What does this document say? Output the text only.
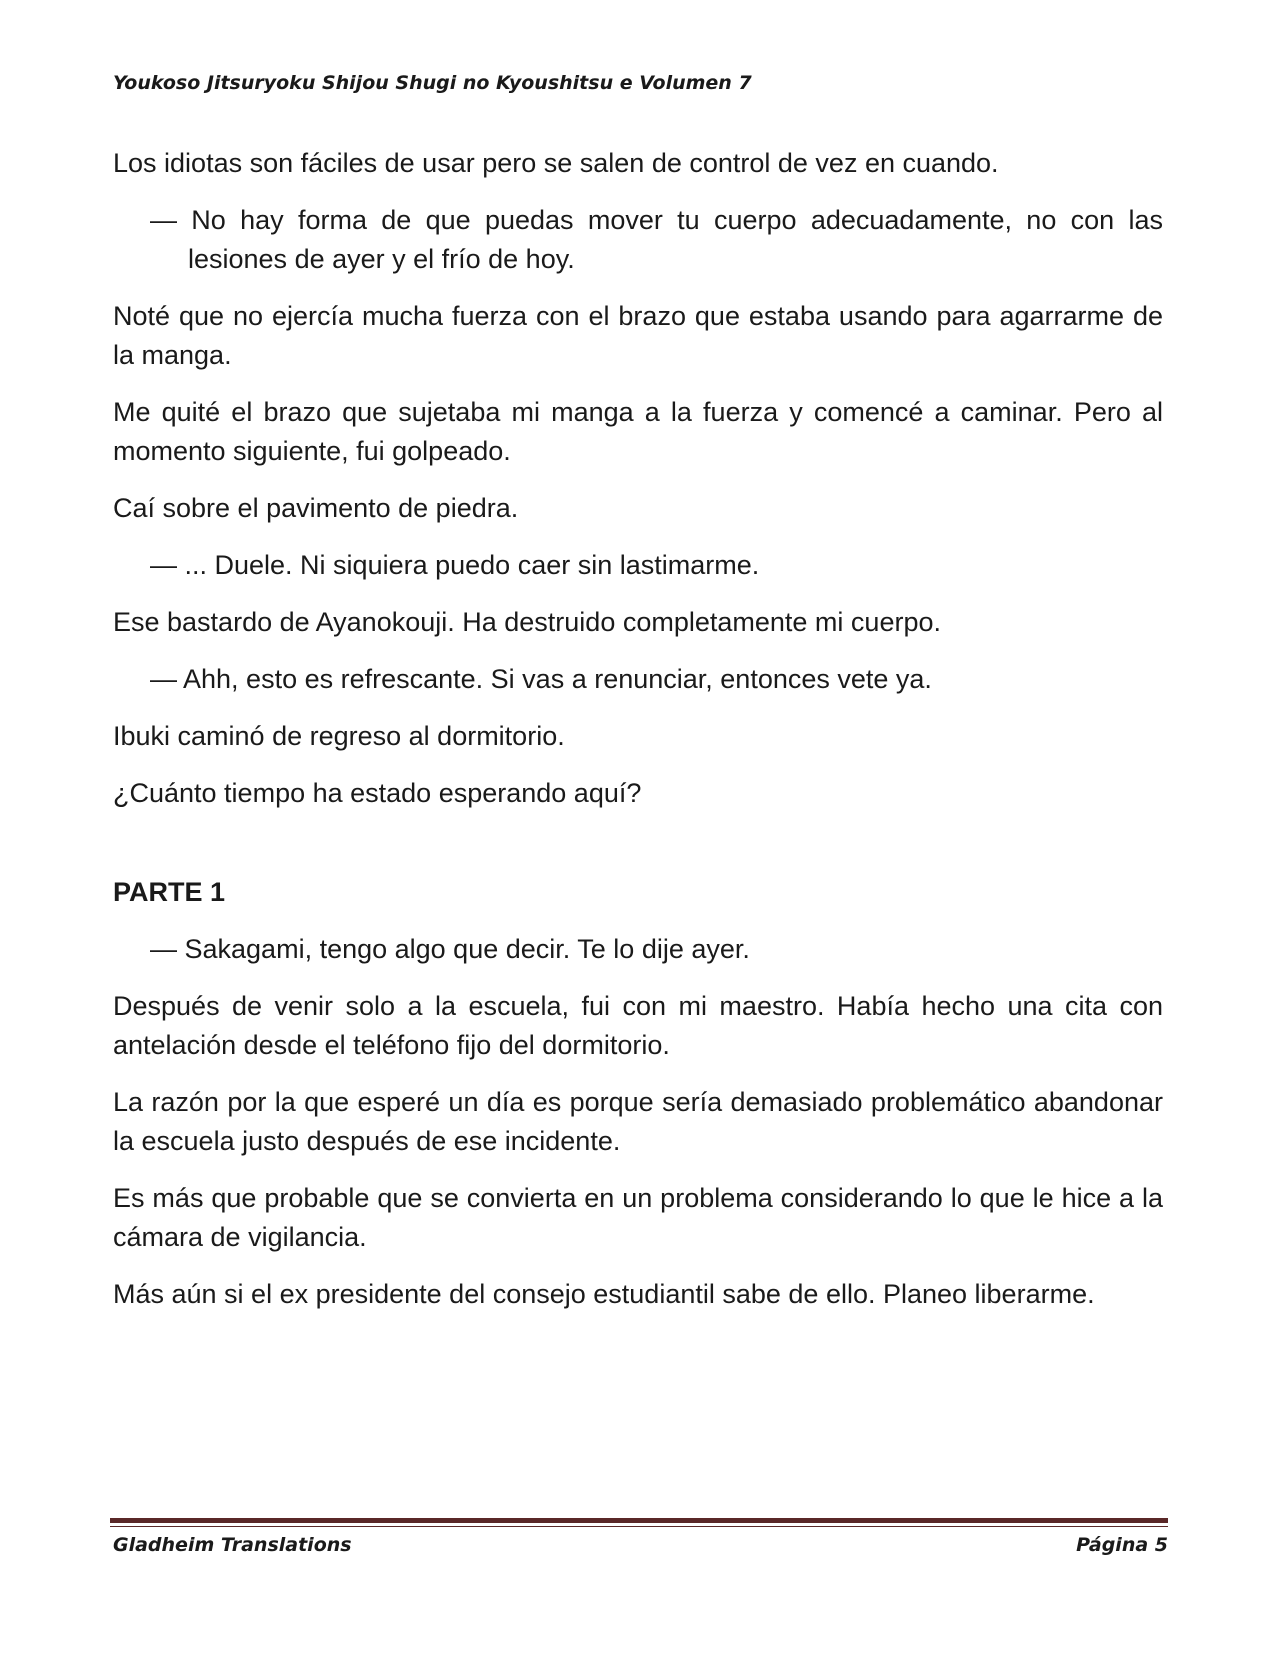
Youkoso Jitsuryoku Shijou Shugi no Kyoushitsu e Volumen 7

Los idiotas son fáciles de usar pero se salen de control de vez en cuando.

— No hay forma de que puedas mover tu cuerpo adecuadamente, no con las lesiones de ayer y el frío de hoy.

Noté que no ejercía mucha fuerza con el brazo que estaba usando para agarrarme de la manga.

Me quité el brazo que sujetaba mi manga a la fuerza y comencé a caminar. Pero al momento siguiente, fui golpeado.

Caí sobre el pavimento de piedra.

— ... Duele. Ni siquiera puedo caer sin lastimarme.

Ese bastardo de Ayanokouji. Ha destruido completamente mi cuerpo.

— Ahh, esto es refrescante. Si vas a renunciar, entonces vete ya.

Ibuki caminó de regreso al dormitorio.

¿Cuánto tiempo ha estado esperando aquí?

PARTE 1

— Sakagami, tengo algo que decir. Te lo dije ayer.

Después de venir solo a la escuela, fui con mi maestro. Había hecho una cita con antelación desde el teléfono fijo del dormitorio.

La razón por la que esperé un día es porque sería demasiado problemático abandonar la escuela justo después de ese incidente.

Es más que probable que se convierta en un problema considerando lo que le hice a la cámara de vigilancia.

Más aún si el ex presidente del consejo estudiantil sabe de ello. Planeo liberarme.

Gladheim Translations	Página 5
